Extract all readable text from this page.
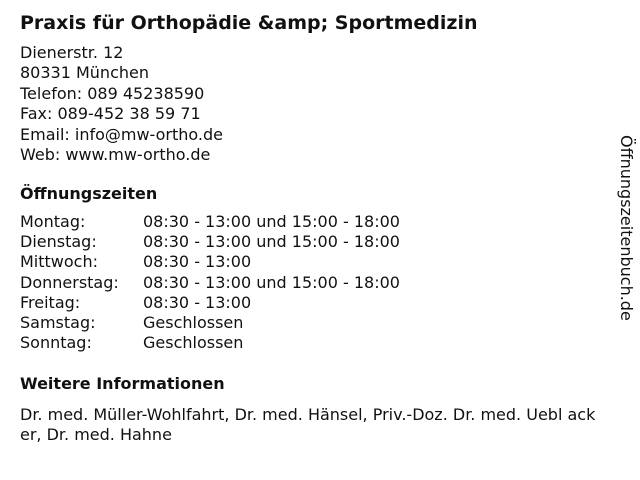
Praxis für Orthopädie &amp; Sportmedizin
Dienerstr. 12
80331 München
Telefon: 089 45238590
Fax: 089-452 38 59 71
Email: info@mw-ortho.de
Web: www.mw-ortho.de
Öffnungszeiten
Montag:	08:30 - 13:00 und 15:00 - 18:00
Dienstag:	08:30 - 13:00 und 15:00 - 18:00
Mittwoch:	08:30 - 13:00
Donnerstag:	08:30 - 13:00 und 15:00 - 18:00
Freitag:	08:30 - 13:00
Samstag:	Geschlossen
Sonntag:	Geschlossen
Weitere Informationen
Dr. med. Müller-Wohlfahrt, Dr. med. Hänsel, Priv.-Doz. Dr. med. Uebl acker, Dr. med. Hahne
Öffnungszeitenbuch.de
